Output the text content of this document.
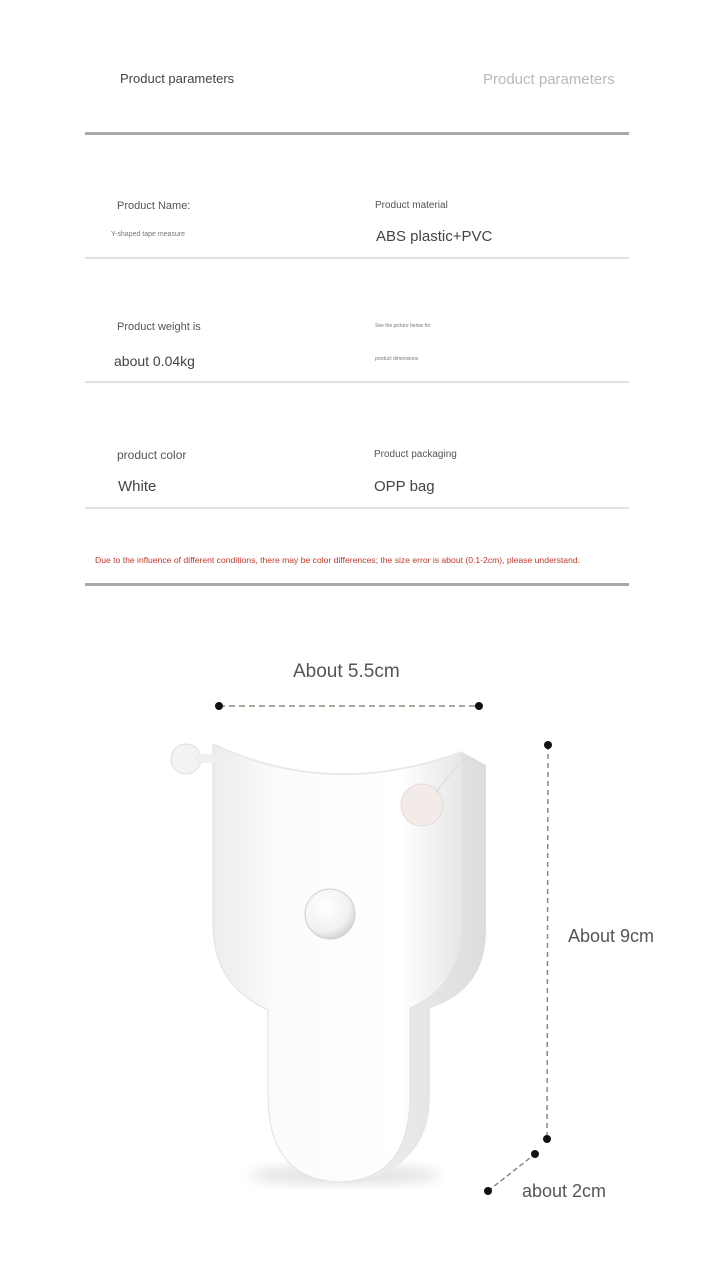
Product parameters	Product parameters
Product Name:
Y-shaped tape measure
Product material
ABS plastic+PVC
Product weight is
about 0.04kg
See the picture below for
product dimensions
product color
White
Product packaging
OPP bag
Due to the influence of different conditions, there may be color differences; the size error is about (0.1-2cm), please understand.
About 5.5cm
About 9cm
about 2cm
